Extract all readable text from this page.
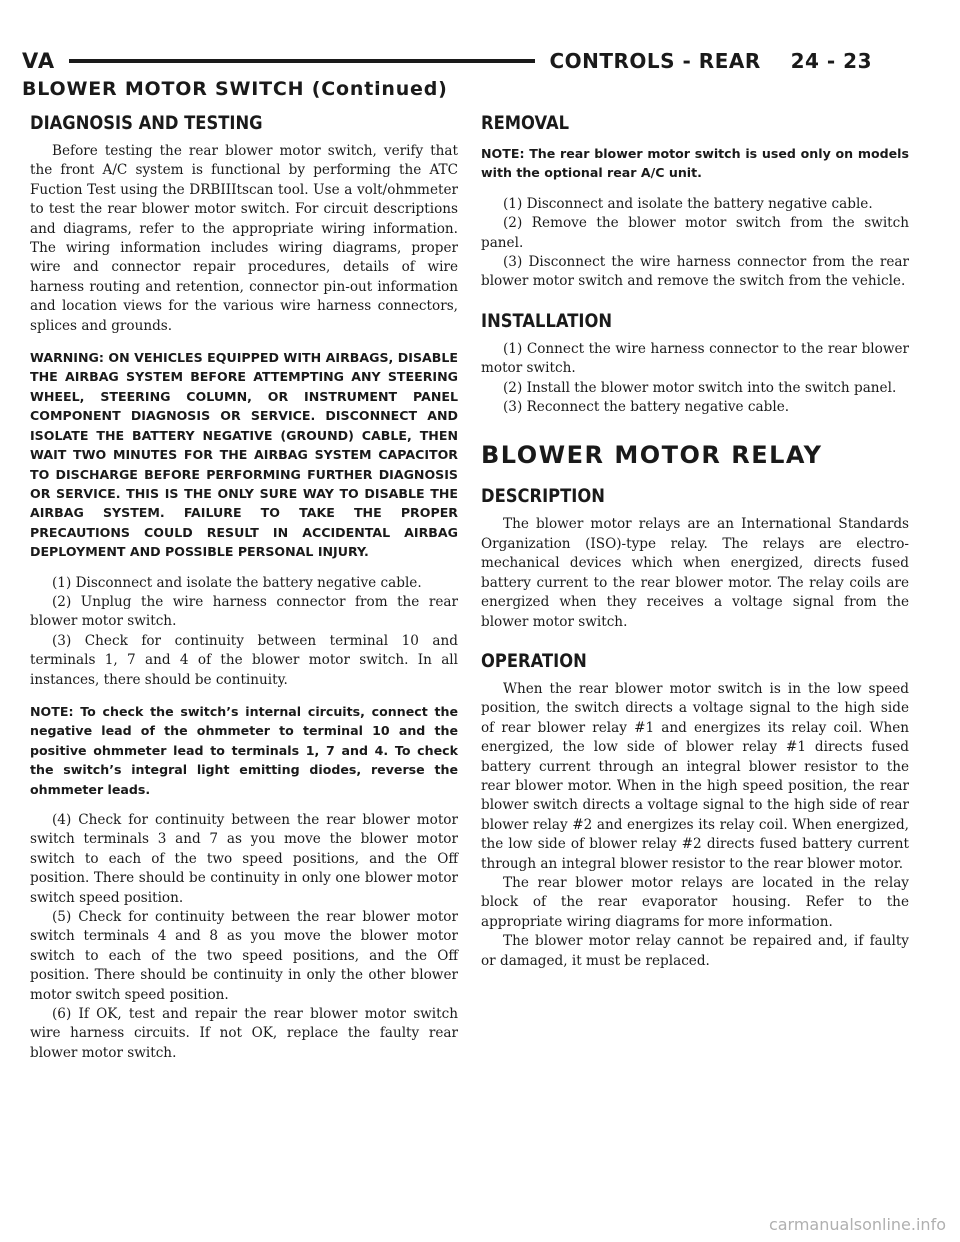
VA	CONTROLS - REAR    24 - 23
BLOWER MOTOR SWITCH (Continued)
DIAGNOSIS AND TESTING

Before testing the rear blower motor switch, verify that the front A/C system is functional by performing the ATC Fuction Test using the DRBIIItscan tool. Use a volt/ohmmeter to test the rear blower motor switch. For circuit descriptions and diagrams, refer to the appropriate wiring information. The wiring information includes wiring diagrams, proper wire and connector repair procedures, details of wire harness routing and retention, connector pin-out information and location views for the various wire harness connectors, splices and grounds.

WARNING: ON VEHICLES EQUIPPED WITH AIRBAGS, DISABLE THE AIRBAG SYSTEM BEFORE ATTEMPTING ANY STEERING WHEEL, STEERING COLUMN, OR INSTRUMENT PANEL COMPONENT DIAGNOSIS OR SERVICE. DISCONNECT AND ISOLATE THE BATTERY NEGATIVE (GROUND) CABLE, THEN WAIT TWO MINUTES FOR THE AIRBAG SYSTEM CAPACITOR TO DISCHARGE BEFORE PERFORMING FURTHER DIAGNOSIS OR SERVICE. THIS IS THE ONLY SURE WAY TO DISABLE THE AIRBAG SYSTEM. FAILURE TO TAKE THE PROPER PRECAUTIONS COULD RESULT IN ACCIDENTAL AIRBAG DEPLOYMENT AND POSSIBLE PERSONAL INJURY.

(1) Disconnect and isolate the battery negative cable.

(2) Unplug the wire harness connector from the rear blower motor switch.

(3) Check for continuity between terminal 10 and terminals 1, 7 and 4 of the blower motor switch. In all instances, there should be continuity.

NOTE: To check the switch’s internal circuits, connect the negative lead of the ohmmeter to terminal 10 and the positive ohmmeter lead to terminals 1, 7 and 4. To check the switch’s integral light emitting diodes, reverse the ohmmeter leads.

(4) Check for continuity between the rear blower motor switch terminals 3 and 7 as you move the blower motor switch to each of the two speed positions, and the Off position. There should be continuity in only one blower motor switch speed position.

(5) Check for continuity between the rear blower motor switch terminals 4 and 8 as you move the blower motor switch to each of the two speed positions, and the Off position. There should be continuity in only the other blower motor switch speed position.

(6) If OK, test and repair the rear blower motor switch wire harness circuits. If not OK, replace the faulty rear blower motor switch.

REMOVAL

NOTE: The rear blower motor switch is used only on models with the optional rear A/C unit.

(1) Disconnect and isolate the battery negative cable.

(2) Remove the blower motor switch from the switch panel.

(3) Disconnect the wire harness connector from the rear blower motor switch and remove the switch from the vehicle.

INSTALLATION

(1) Connect the wire harness connector to the rear blower motor switch.

(2) Install the blower motor switch into the switch panel.

(3) Reconnect the battery negative cable.

BLOWER MOTOR RELAY
DESCRIPTION

The blower motor relays are an International Standards Organization (ISO)-type relay. The relays are electro-mechanical devices which when energized, directs fused battery current to the rear blower motor. The relay coils are energized when they receives a voltage signal from the blower motor switch.

OPERATION

When the rear blower motor switch is in the low speed position, the switch directs a voltage signal to the high side of rear blower relay #1 and energizes its relay coil. When energized, the low side of blower relay #1 directs fused battery current through an integral blower resistor to the rear blower motor. When in the high speed position, the rear blower switch directs a voltage signal to the high side of rear blower relay #2 and energizes its relay coil. When energized, the low side of blower relay #2 directs fused battery current through an integral blower resistor to the rear blower motor.

The rear blower motor relays are located in the relay block of the rear evaporator housing. Refer to the appropriate wiring diagrams for more information.

The blower motor relay cannot be repaired and, if faulty or damaged, it must be replaced.

carmanualsonline.info
